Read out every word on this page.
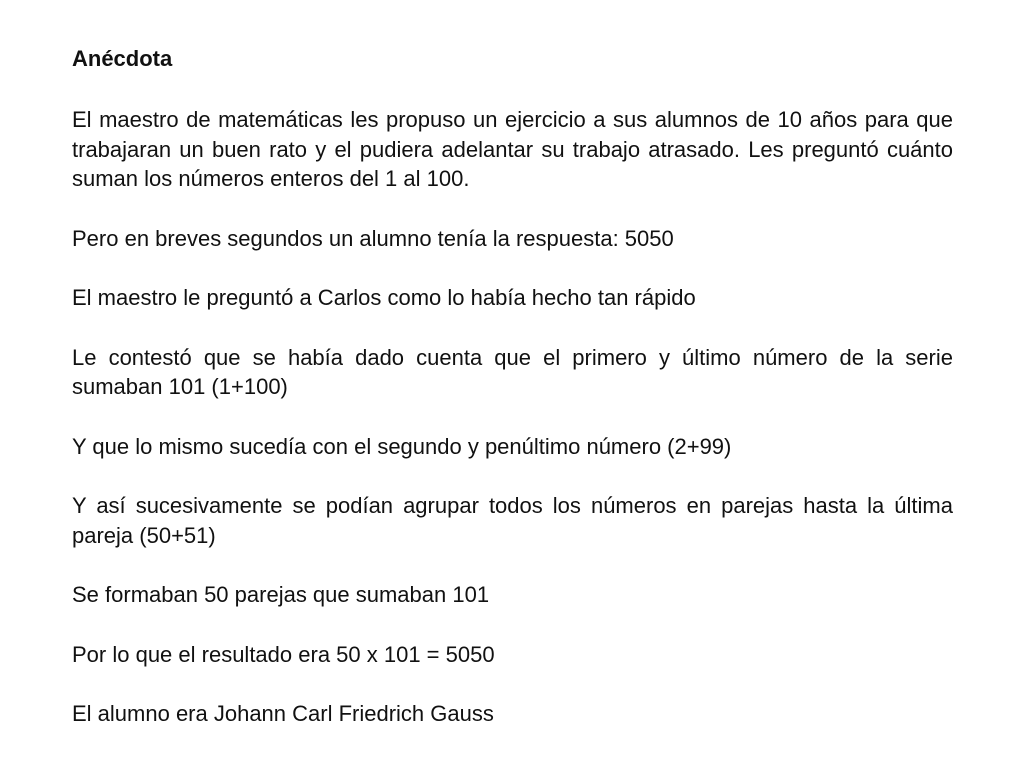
Anécdota

El maestro de matemáticas les propuso un ejercicio a sus alumnos de 10 años para que trabajaran un buen rato y el pudiera adelantar su trabajo atrasado. Les preguntó cuánto suman los números enteros del 1 al 100.

Pero en breves segundos un alumno tenía la respuesta: 5050

El maestro le preguntó a Carlos como lo había hecho tan rápido

Le contestó que se había dado cuenta que el primero y último número de la serie sumaban 101 (1+100)

Y que lo mismo sucedía con el segundo y penúltimo número (2+99)

Y así sucesivamente se podían agrupar todos los números en parejas hasta la última pareja (50+51)

Se formaban 50 parejas que sumaban 101

Por lo que el resultado era 50 x 101 = 5050

El alumno era Johann Carl Friedrich Gauss
